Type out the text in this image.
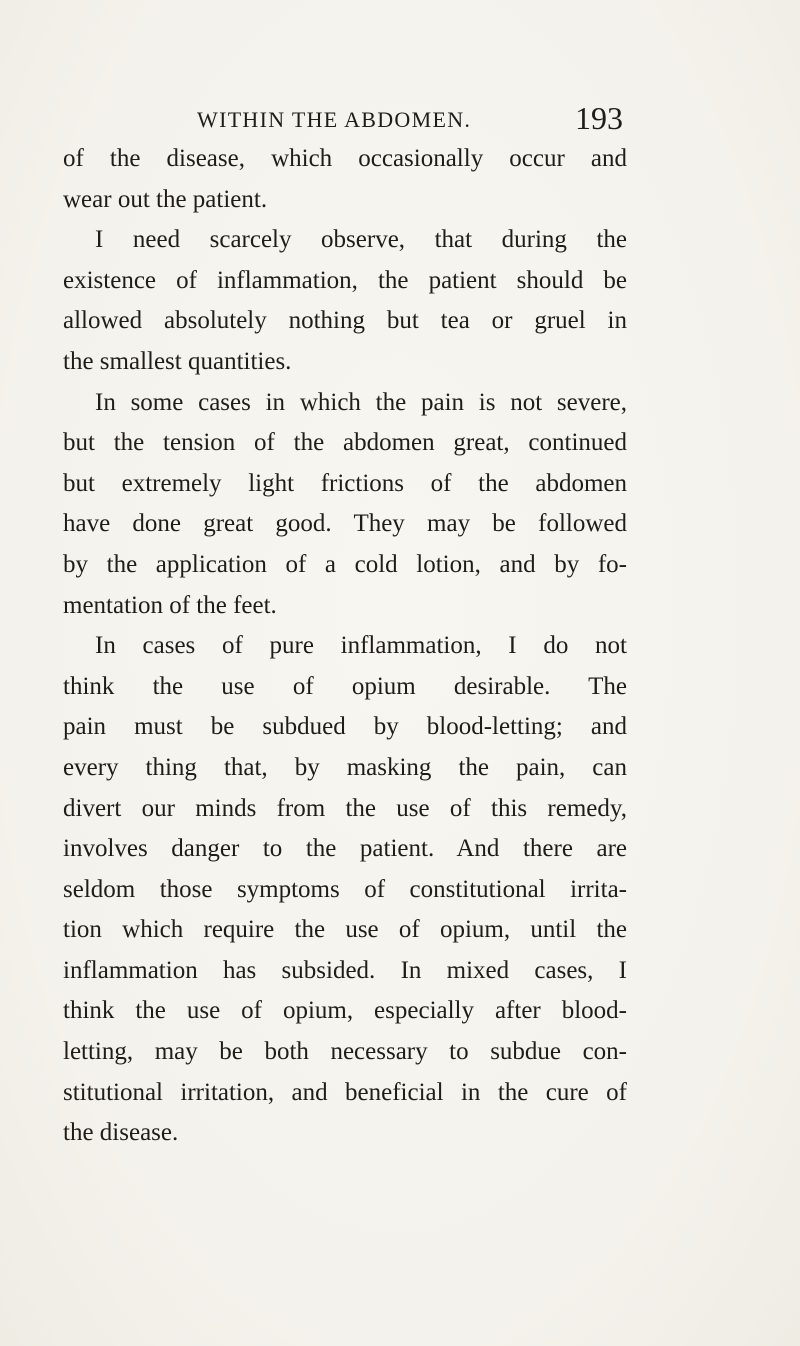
WITHIN THE ABDOMEN.	193
of the disease, which occasionally occur and
wear out the patient.
I need scarcely observe, that during the
existence of inflammation, the patient should be
allowed absolutely nothing but tea or gruel in
the smallest quantities.
In some cases in which the pain is not severe,
but the tension of the abdomen great, continued
but extremely light frictions of the abdomen
have done great good. They may be followed
by the application of a cold lotion, and by fo-
mentation of the feet.
In cases of pure inflammation, I do not
think the use of opium desirable. The
pain must be subdued by blood-letting; and
every thing that, by masking the pain, can
divert our minds from the use of this remedy,
involves danger to the patient. And there are
seldom those symptoms of constitutional irrita-
tion which require the use of opium, until the
inflammation has subsided. In mixed cases, I
think the use of opium, especially after blood-
letting, may be both necessary to subdue con-
stitutional irritation, and beneficial in the cure of
the disease.
